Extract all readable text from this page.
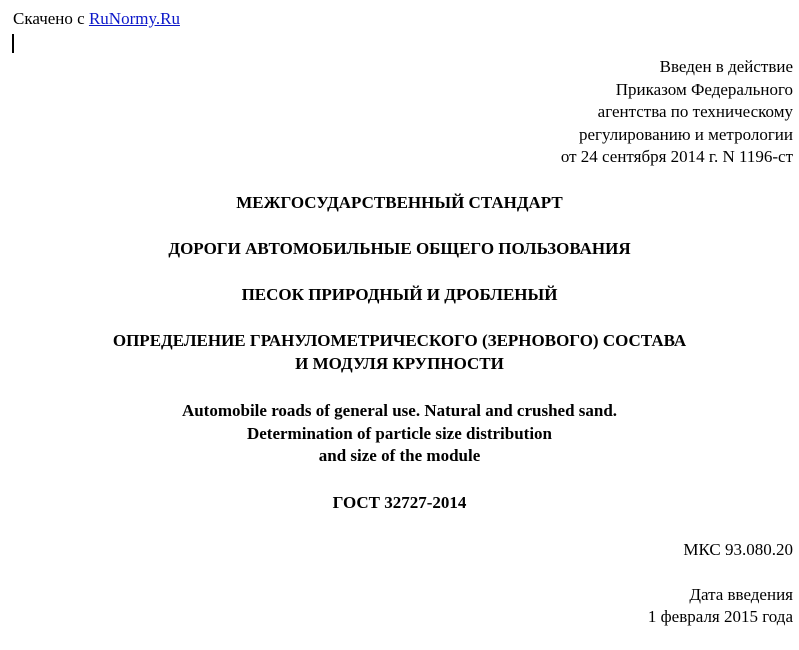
Скачено с RuNormy.Ru
Введен в действие
Приказом Федерального
агентства по техническому
регулированию и метрологии
от 24 сентября 2014 г. N 1196-ст
МЕЖГОСУДАРСТВЕННЫЙ СТАНДАРТ
ДОРОГИ АВТОМОБИЛЬНЫЕ ОБЩЕГО ПОЛЬЗОВАНИЯ
ПЕСОК ПРИРОДНЫЙ И ДРОБЛЕНЫЙ
ОПРЕДЕЛЕНИЕ ГРАНУЛОМЕТРИЧЕСКОГО (ЗЕРНОВОГО) СОСТАВА
И МОДУЛЯ КРУПНОСТИ
Automobile roads of general use. Natural and crushed sand.
Determination of particle size distribution
and size of the module
ГОСТ 32727-2014
МКС 93.080.20
Дата введения
1 февраля 2015 года
